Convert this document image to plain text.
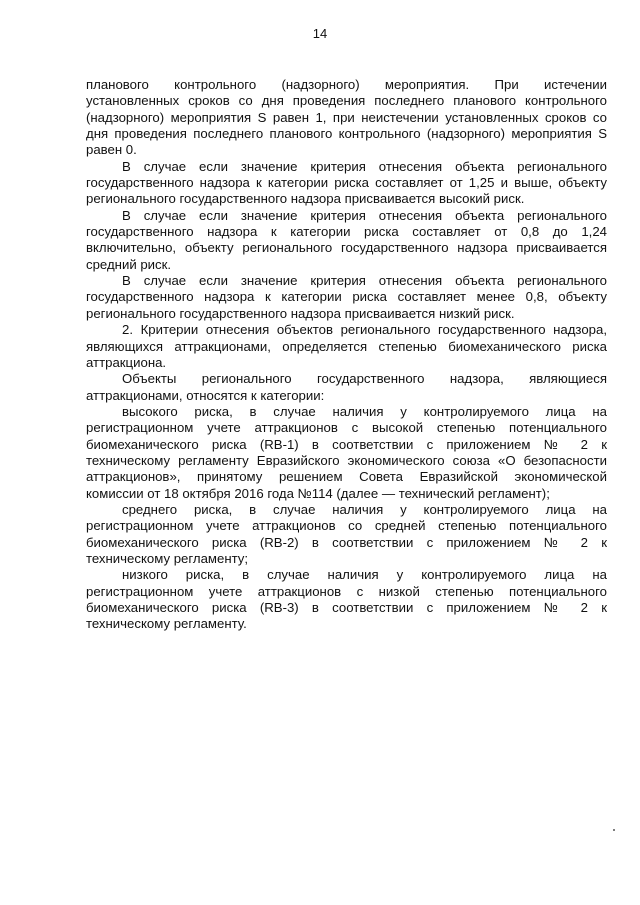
14
планового контрольного (надзорного) мероприятия. При истечении
установленных сроков со дня проведения последнего планового контрольного
(надзорного) мероприятия S равен 1, при неистечении установленных сроков со
дня проведения последнего планового контрольного (надзорного) мероприятия S
равен 0.
В случае если значение критерия отнесения объекта регионального
государственного надзора к категории риска составляет от 1,25 и выше, объекту
регионального государственного надзора присваивается высокий риск.
В случае если значение критерия отнесения объекта регионального
государственного надзора к категории риска составляет от 0,8 до 1,24
включительно, объекту регионального государственного надзора присваивается
средний риск.
В случае если значение критерия отнесения объекта регионального
государственного надзора к категории риска составляет менее 0,8, объекту
регионального государственного надзора присваивается низкий риск.
2. Критерии отнесения объектов регионального государственного надзора,
являющихся аттракционами, определяется степенью биомеханического риска
аттракциона.
Объекты регионального государственного надзора, являющиеся
аттракционами, относятся к категории:
высокого риска, в случае наличия у контролируемого лица на
регистрационном учете аттракционов с высокой степенью потенциального
биомеханического риска (RB-1) в соответствии с приложением № 2 к
техническому регламенту Евразийского экономического союза «О безопасности
аттракционов», принятому решением Совета Евразийской экономической
комиссии от 18 октября 2016 года №114 (далее — технический регламент);
среднего риска, в случае наличия у контролируемого лица на
регистрационном учете аттракционов со средней степенью потенциального
биомеханического риска (RB-2) в соответствии с приложением № 2 к
техническому регламенту;
низкого риска, в случае наличия у контролируемого лица на
регистрационном учете аттракционов с низкой степенью потенциального
биомеханического риска (RB-3) в соответствии с приложением № 2 к
техническому регламенту.
